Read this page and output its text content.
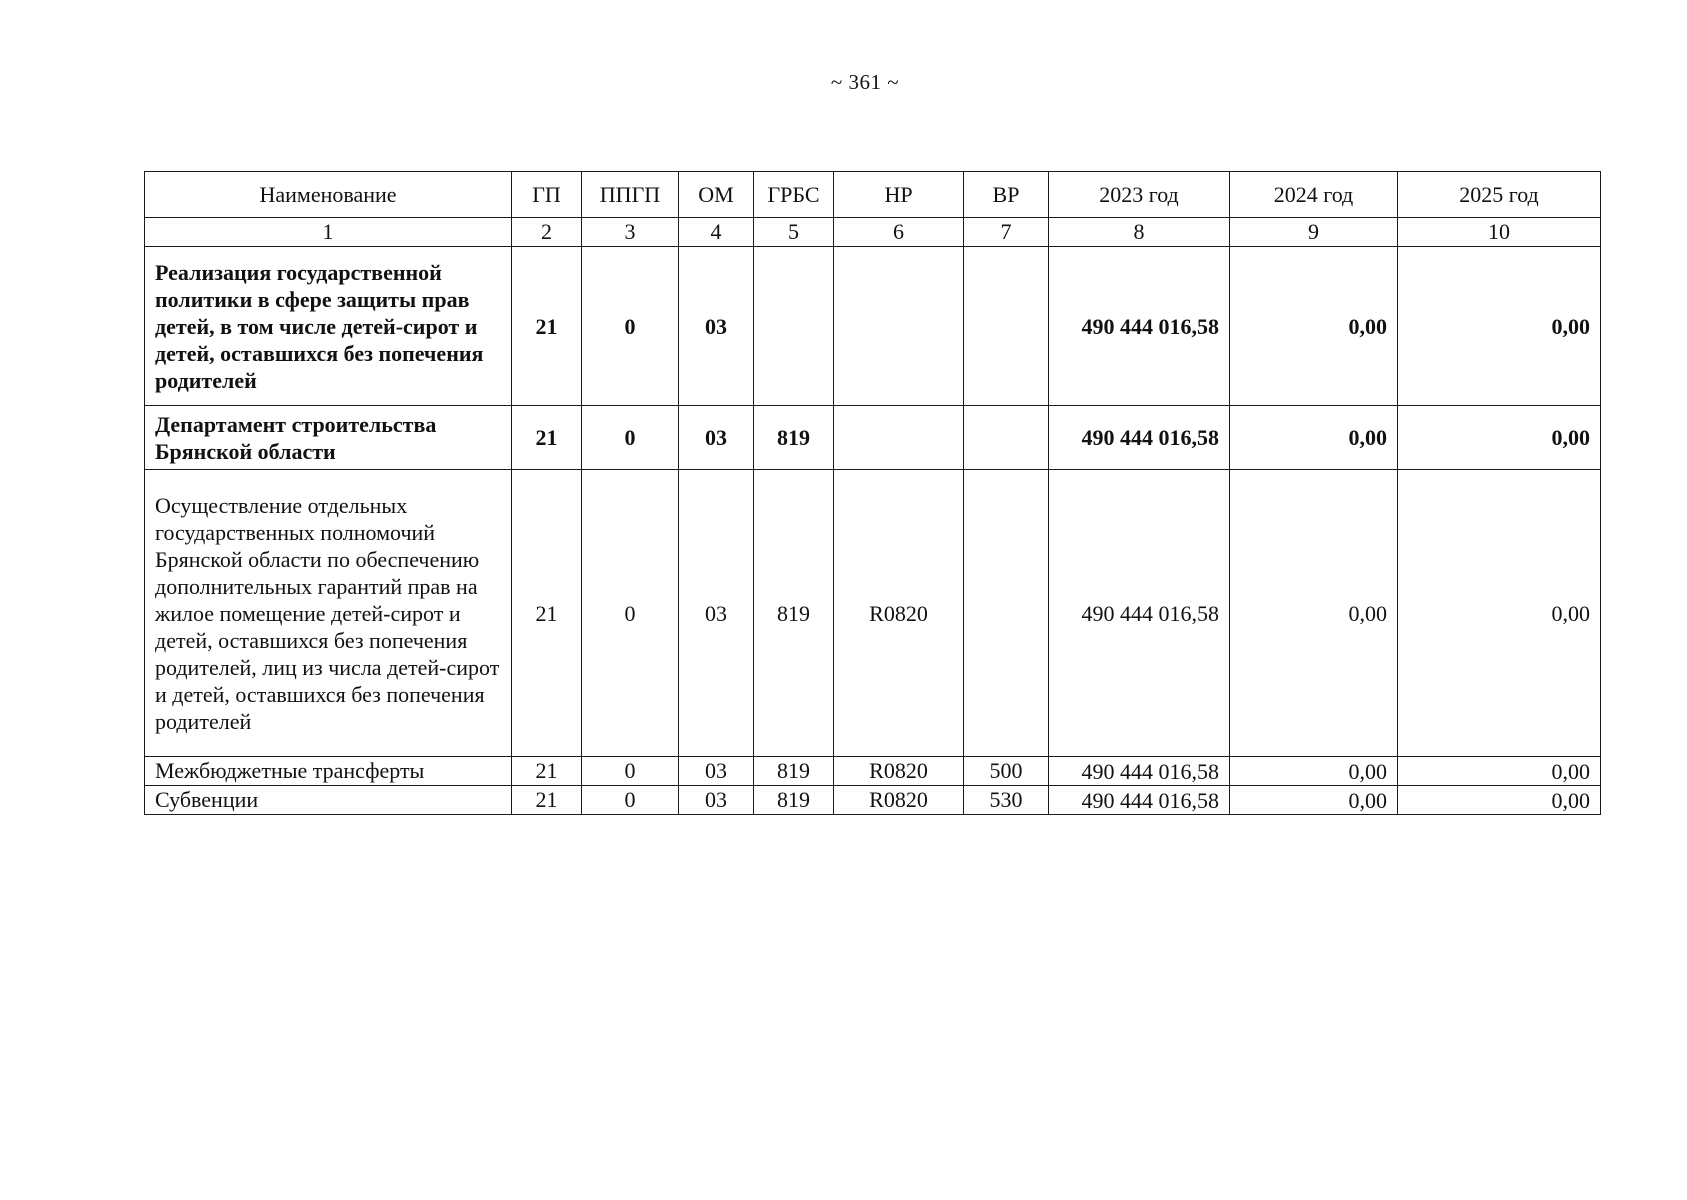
~ 361 ~
Наименование	ГП	ППГП	ОМ	ГРБС	НР	ВР	2023 год	2024 год	2025 год
1	2	3	4	5	6	7	8	9	10
Реализация государственной политики в сфере защиты прав детей, в том числе детей-сирот и детей, оставшихся без попечения родителей	21	0	03				490 444 016,58	0,00	0,00
Департамент строительства Брянской области	21	0	03	819			490 444 016,58	0,00	0,00
Осуществление отдельных государственных полномочий Брянской области по обеспечению дополнительных гарантий прав на жилое помещение детей-сирот и детей, оставшихся без попечения родителей, лиц из числа детей-сирот и детей, оставшихся без попечения родителей	21	0	03	819	R0820		490 444 016,58	0,00	0,00
Межбюджетные трансферты	21	0	03	819	R0820	500	490 444 016,58	0,00	0,00
Субвенции	21	0	03	819	R0820	530	490 444 016,58	0,00	0,00
